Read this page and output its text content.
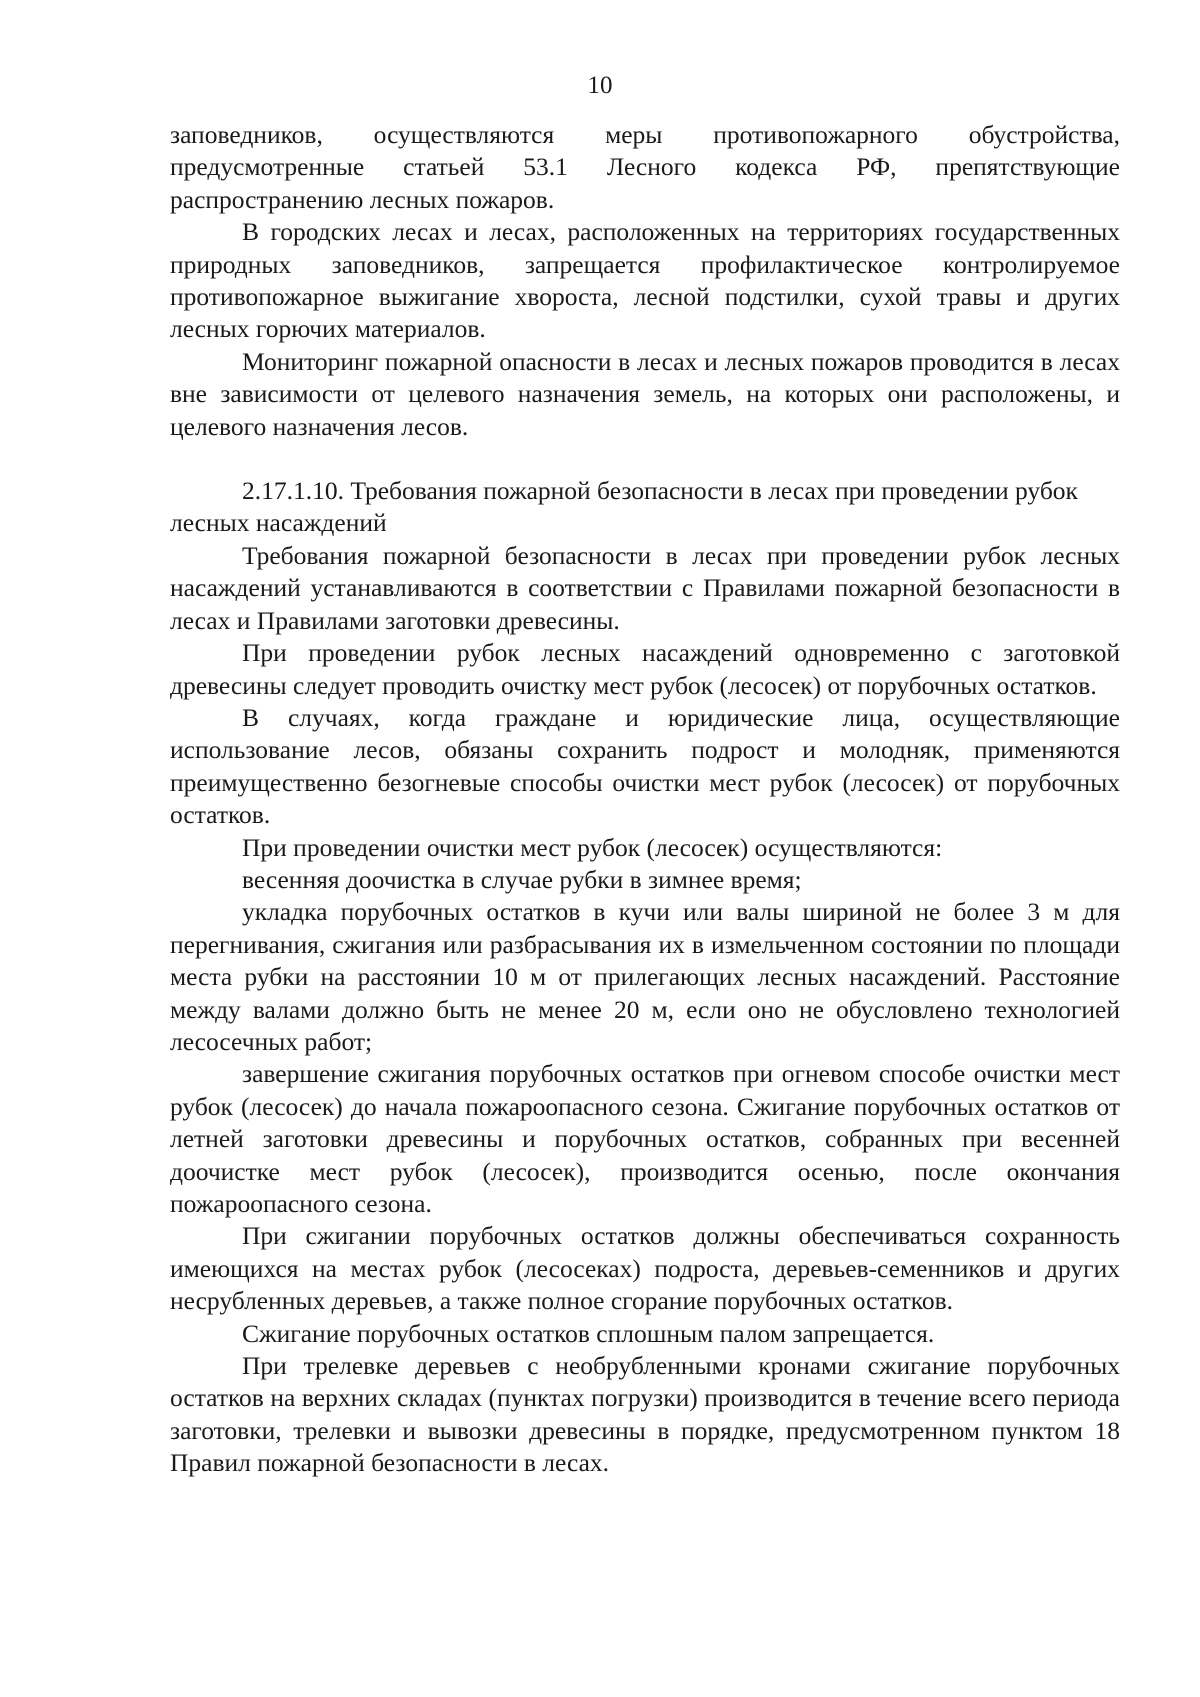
10

заповедников, осуществляются меры противопожарного обустройства, предусмотренные статьей 53.1 Лесного кодекса РФ, препятствующие распространению лесных пожаров.

В городских лесах и лесах, расположенных на территориях государственных природных заповедников, запрещается профилактическое контролируемое противопожарное выжигание хвороста, лесной подстилки, сухой травы и других лесных горючих материалов.

Мониторинг пожарной опасности в лесах и лесных пожаров проводится в лесах вне зависимости от целевого назначения земель, на которых они расположены, и целевого назначения лесов.

2.17.1.10. Требования пожарной безопасности в лесах при проведении рубок лесных насаждений

Требования пожарной безопасности в лесах при проведении рубок лесных насаждений устанавливаются в соответствии с Правилами пожарной безопасности в лесах и Правилами заготовки древесины.

При проведении рубок лесных насаждений одновременно с заготовкой древесины следует проводить очистку мест рубок (лесосек) от порубочных остатков.

В случаях, когда граждане и юридические лица, осуществляющие использование лесов, обязаны сохранить подрост и молодняк, применяются преимущественно безогневые способы очистки мест рубок (лесосек) от порубочных остатков.

При проведении очистки мест рубок (лесосек) осуществляются:

весенняя доочистка в случае рубки в зимнее время;

укладка порубочных остатков в кучи или валы шириной не более 3 м для перегнивания, сжигания или разбрасывания их в измельченном состоянии по площади места рубки на расстоянии 10 м от прилегающих лесных насаждений. Расстояние между валами должно быть не менее 20 м, если оно не обусловлено технологией лесосечных работ;

завершение сжигания порубочных остатков при огневом способе очистки мест рубок (лесосек) до начала пожароопасного сезона. Сжигание порубочных остатков от летней заготовки древесины и порубочных остатков, собранных при весенней доочистке мест рубок (лесосек), производится осенью, после окончания пожароопасного сезона.

При сжигании порубочных остатков должны обеспечиваться сохранность имеющихся на местах рубок (лесосеках) подроста, деревьев-семенников и других несрубленных деревьев, а также полное сгорание порубочных остатков.

Сжигание порубочных остатков сплошным палом запрещается.

При трелевке деревьев с необрубленными кронами сжигание порубочных остатков на верхних складах (пунктах погрузки) производится в течение всего периода заготовки, трелевки и вывозки древесины в порядке, предусмотренном пунктом 18 Правил пожарной безопасности в лесах.
